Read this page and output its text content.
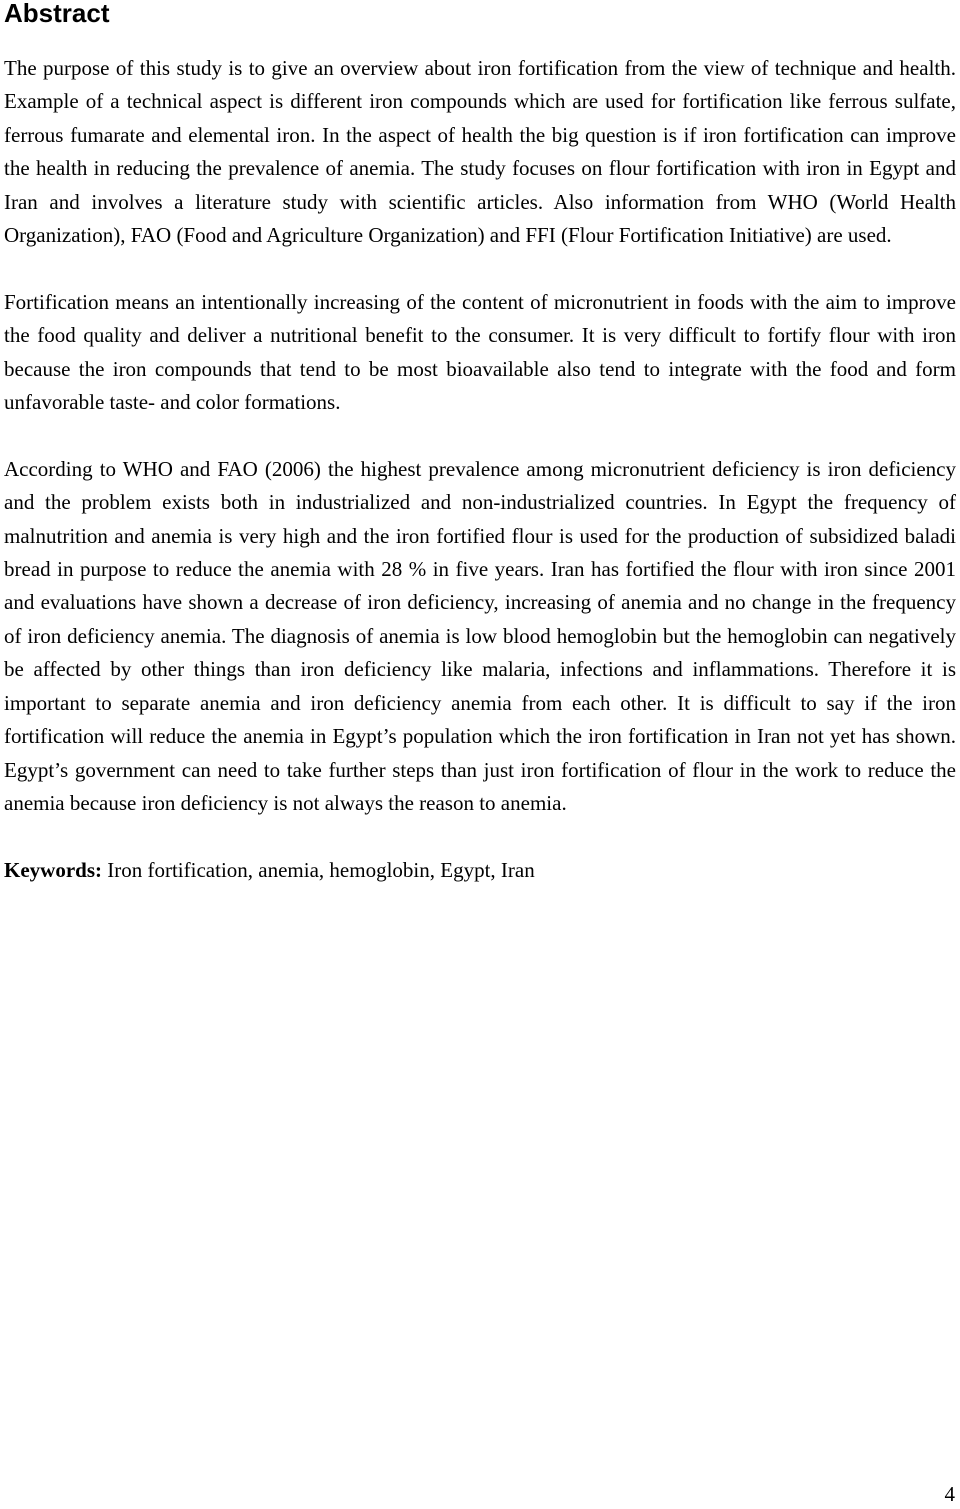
Abstract

The purpose of this study is to give an overview about iron fortification from the view of technique and health. Example of a technical aspect is different iron compounds which are used for fortification like ferrous sulfate, ferrous fumarate and elemental iron. In the aspect of health the big question is if iron fortification can improve the health in reducing the prevalence of anemia. The study focuses on flour fortification with iron in Egypt and Iran and involves a literature study with scientific articles. Also information from WHO (World Health Organization), FAO (Food and Agriculture Organization) and FFI (Flour Fortification Initiative) are used.

Fortification means an intentionally increasing of the content of micronutrient in foods with the aim to improve the food quality and deliver a nutritional benefit to the consumer. It is very difficult to fortify flour with iron because the iron compounds that tend to be most bioavailable also tend to integrate with the food and form unfavorable taste- and color formations.

According to WHO and FAO (2006) the highest prevalence among micronutrient deficiency is iron deficiency and the problem exists both in industrialized and non-industrialized countries. In Egypt the frequency of malnutrition and anemia is very high and the iron fortified flour is used for the production of subsidized baladi bread in purpose to reduce the anemia with 28 % in five years. Iran has fortified the flour with iron since 2001 and evaluations have shown a decrease of iron deficiency, increasing of anemia and no change in the frequency of iron deficiency anemia. The diagnosis of anemia is low blood hemoglobin but the hemoglobin can negatively be affected by other things than iron deficiency like malaria, infections and inflammations. Therefore it is important to separate anemia and iron deficiency anemia from each other. It is difficult to say if the iron fortification will reduce the anemia in Egypt’s population which the iron fortification in Iran not yet has shown. Egypt’s government can need to take further steps than just iron fortification of flour in the work to reduce the anemia because iron deficiency is not always the reason to anemia.

Keywords: Iron fortification, anemia, hemoglobin, Egypt, Iran

4
